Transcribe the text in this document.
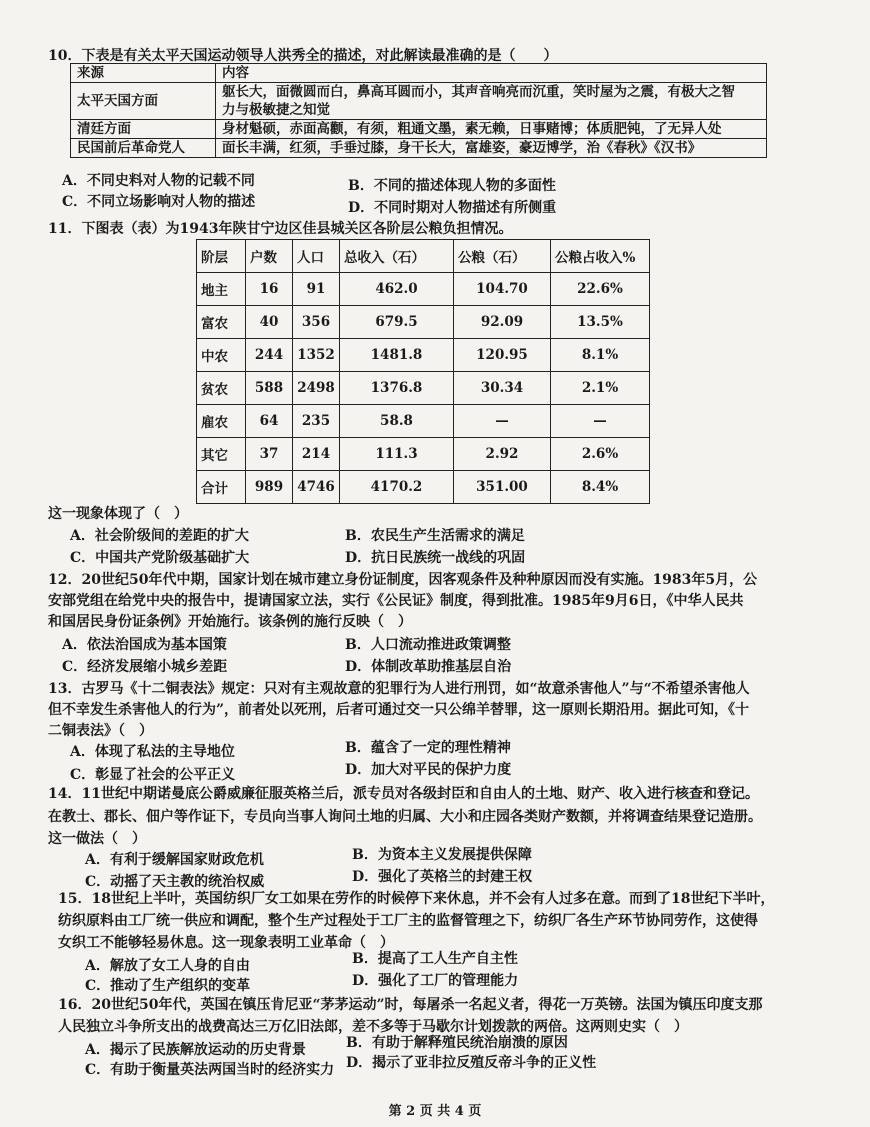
10．下表是有关太平天国运动领导人洪秀全的描述，对此解读最准确的是（　　）
来源	内容
太平天国方面	躯长大，面微圆而白，鼻高耳圆而小，其声音响亮而沉重，笑时屋为之震，有极大之智
力与极敏捷之知觉

清廷方面	身材魁硕，赤面高颧，有须，粗通文墨，素无赖，日事赌博；体质肥钝，了无异人处
民国前后革命党人	面长丰满，红须，手垂过膝，身干长大，富雄姿，豪迈博学，治《春秋》《汉书》
A．不同史料对人物的记载不同	B．不同的描述体现人物的多面性
C．不同立场影响对人物的描述	D．不同时期对人物描述有所侧重
11．下图表（表）为1943年陕甘宁边区佳县城关区各阶层公粮负担情况。
阶层	户数	人口	总收入（石）	公粮（石）	公粮占收入%
地主	16	91	462.0	104.70	22.6%
富农	40	356	679.5	92.09	13.5%
中农	244	1352	1481.8	120.95	8.1%
贫农	588	2498	1376.8	30.34	2.1%
雇农	64	235	58.8	—	—
其它	37	214	111.3	2.92	2.6%
合计	989	4746	4170.2	351.00	8.4%
这一现象体现了（　）
A．社会阶级间的差距的扩大	B．农民生产生活需求的满足
C．中国共产党阶级基础扩大	D．抗日民族统一战线的巩固
12．20世纪50年代中期，国家计划在城市建立身份证制度，因客观条件及种种原因而没有实施。1983年5月，公
安部党组在给党中央的报告中，提请国家立法，实行《公民证》制度，得到批准。1985年9月6日，《中华人民共
和国居民身份证条例》开始施行。该条例的施行反映（　）
A．依法治国成为基本国策	B．人口流动推进政策调整
C．经济发展缩小城乡差距	D．体制改革助推基层自治
13．古罗马《十二铜表法》规定：只对有主观故意的犯罪行为人进行刑罚，如“故意杀害他人”与“不希望杀害他人
但不幸发生杀害他人的行为”，前者处以死刑，后者可通过交一只公绵羊替罪，这一原则长期沿用。据此可知，《十
二铜表法》（　）
A．体现了私法的主导地位	B．蕴含了一定的理性精神
C．彰显了社会的公平正义	D．加大对平民的保护力度
14．11世纪中期诺曼底公爵威廉征服英格兰后，派专员对各级封臣和自由人的土地、财产、收入进行核查和登记。
在教士、郡长、佃户等作证下，专员向当事人询问土地的归属、大小和庄园各类财产数额，并将调查结果登记造册。
这一做法（　）
A．有利于缓解国家财政危机	B．为资本主义发展提供保障
C．动摇了天主教的统治权威	D．强化了英格兰的封建王权
15．18世纪上半叶，英国纺织厂女工如果在劳作的时候停下来休息，并不会有人过多在意。而到了18世纪下半叶，
纺织原料由工厂统一供应和调配，整个生产过程处于工厂主的监督管理之下，纺织厂各生产环节协同劳作，这使得
女织工不能够轻易休息。这一现象表明工业革命（　）
A．解放了女工人身的自由	B．提高了工人生产自主性
C．推动了生产组织的变革	D．强化了工厂的管理能力
16．20世纪50年代，英国在镇压肯尼亚“茅茅运动”时，每屠杀一名起义者，得花一万英镑。法国为镇压印度支那
人民独立斗争所支出的战费高达三万亿旧法郎，差不多等于马歇尔计划拨款的两倍。这两则史实（　）
A．揭示了民族解放运动的历史背景	B．有助于解释殖民统治崩溃的原因
C．有助于衡量英法两国当时的经济实力 D．揭示了亚非拉反殖反帝斗争的正义性
第 2 页 共 4 页
